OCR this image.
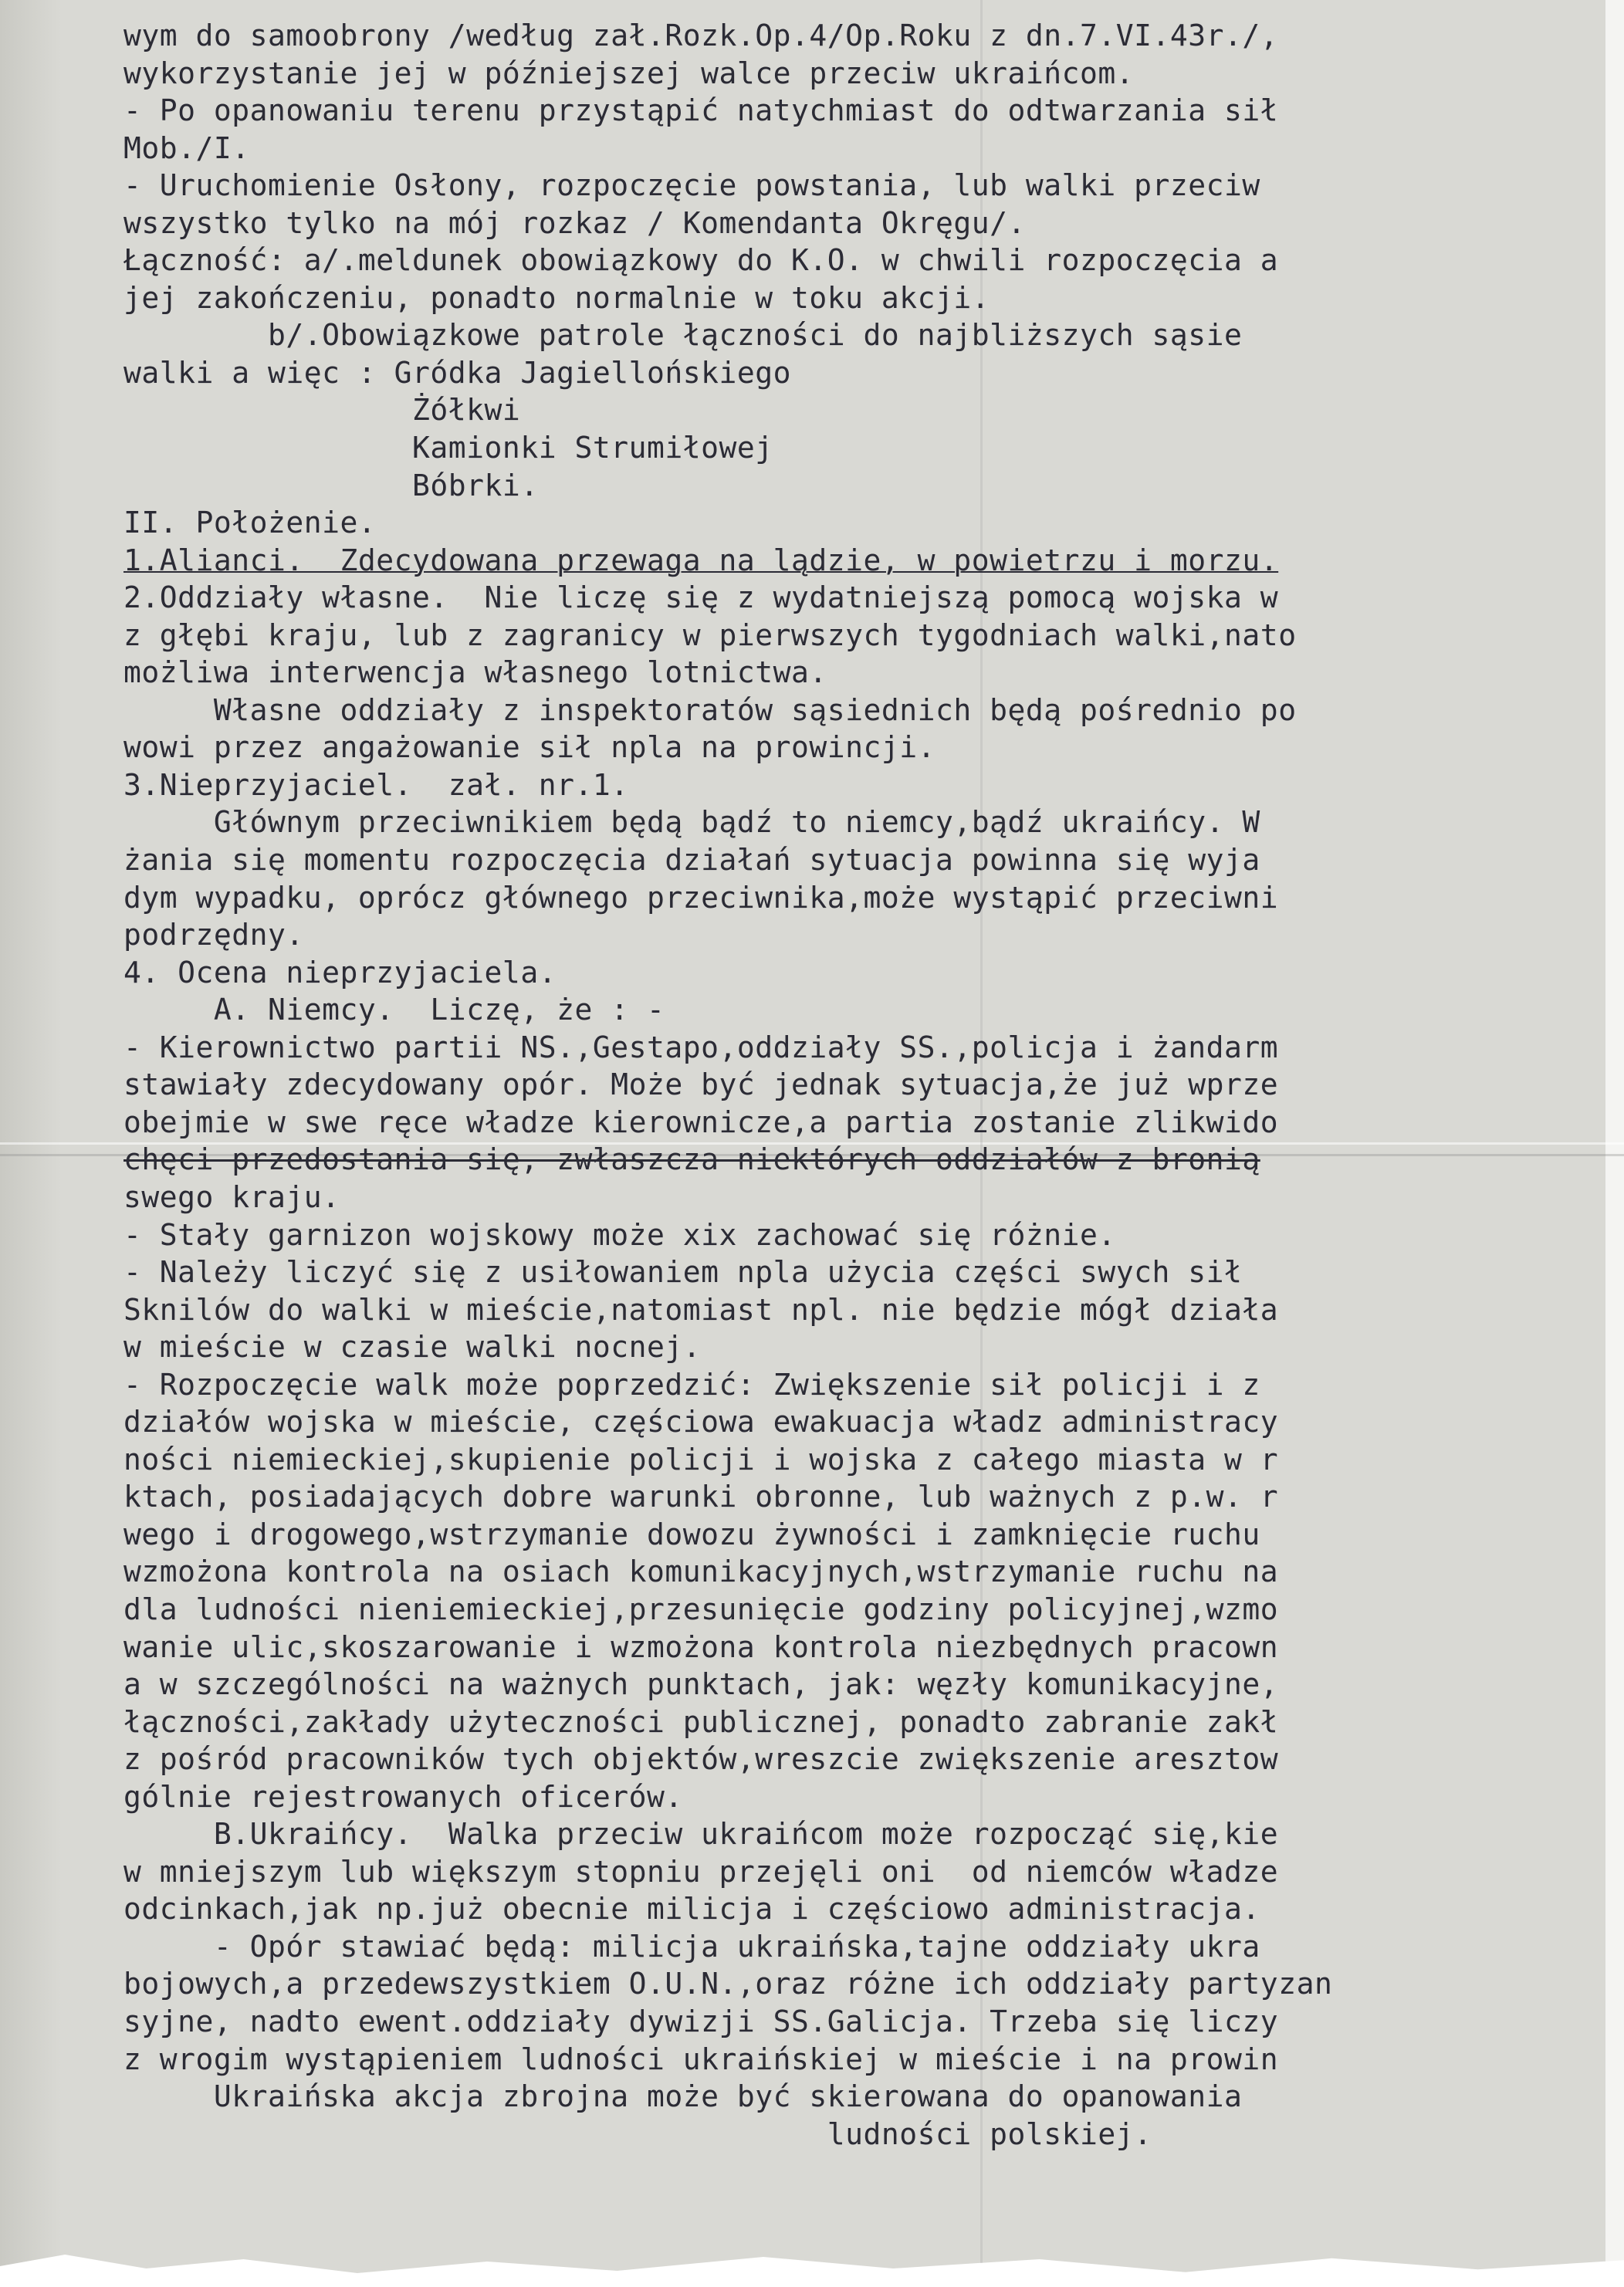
wym do samoobrony /według zał.Rozk.Op.4/Op.Roku z dn.7.VI.43r./,
wykorzystanie jej w późniejszej walce przeciw ukraińcom.
- Po opanowaniu terenu przystąpić natychmiast do odtwarzania sił
Mob./I.
- Uruchomienie Osłony, rozpoczęcie powstania, lub walki przeciw
wszystko tylko na mój rozkaz / Komendanta Okręgu/.
Łączność: a/.meldunek obowiązkowy do K.O. w chwili rozpoczęcia a
jej zakończeniu, ponadto normalnie w toku akcji.
b/.Obowiązkowe patrole łączności do najbliższych sąsie
walki a więc : Gródka Jagiellońskiego
Żółkwi
Kamionki Strumiłowej
Bóbrki.
II. Położenie.
1.Alianci.  Zdecydowana przewaga na lądzie, w powietrzu i morzu.
2.Oddziały własne.  Nie liczę się z wydatniejszą pomocą wojska w
z głębi kraju, lub z zagranicy w pierwszych tygodniach walki,nato
możliwa interwencja własnego lotnictwa.
Własne oddziały z inspektoratów sąsiednich będą pośrednio po
wowi przez angażowanie sił npla na prowincji.
3.Nieprzyjaciel.  zał. nr.1.
Głównym przeciwnikiem będą bądź to niemcy,bądź ukraińcy. W
żania się momentu rozpoczęcia działań sytuacja powinna się wyja
dym wypadku, oprócz głównego przeciwnika,może wystąpić przeciwni
podrzędny.
4. Ocena nieprzyjaciela.
A. Niemcy.  Liczę, że : -
- Kierownictwo partii NS.,Gestapo,oddziały SS.,policja i żandarm
stawiały zdecydowany opór. Może być jednak sytuacja,że już wprze
obejmie w swe ręce władze kierownicze,a partia zostanie zlikwido
chęci przedostania się, zwłaszcza niektórych oddziałów z bronią
swego kraju.
- Stały garnizon wojskowy może xix zachować się różnie.
- Należy liczyć się z usiłowaniem npla użycia części swych sił
Sknilów do walki w mieście,natomiast npl. nie będzie mógł działa
w mieście w czasie walki nocnej.
- Rozpoczęcie walk może poprzedzić: Zwiększenie sił policji i z
działów wojska w mieście, częściowa ewakuacja władz administracy
ności niemieckiej,skupienie policji i wojska z całego miasta w r
ktach, posiadających dobre warunki obronne, lub ważnych z p.w. r
wego i drogowego,wstrzymanie dowozu żywności i zamknięcie ruchu
wzmożona kontrola na osiach komunikacyjnych,wstrzymanie ruchu na
dla ludności nieniemieckiej,przesunięcie godziny policyjnej,wzmo
wanie ulic,skoszarowanie i wzmożona kontrola niezbędnych pracown
a w szczególności na ważnych punktach, jak: węzły komunikacyjne,
łączności,zakłady użyteczności publicznej, ponadto zabranie zakł
z pośród pracowników tych objektów,wreszcie zwiększenie aresztow
gólnie rejestrowanych oficerów.
B.Ukraińcy.  Walka przeciw ukraińcom może rozpocząć się,kie
w mniejszym lub większym stopniu przejęli oni  od niemców władze
odcinkach,jak np.już obecnie milicja i częściowo administracja.
- Opór stawiać będą: milicja ukraińska,tajne oddziały ukra
bojowych,a przedewszystkiem O.U.N.,oraz różne ich oddziały partyzan
syjne, nadto ewent.oddziały dywizji SS.Galicja. Trzeba się liczy
z wrogim wystąpieniem ludności ukraińskiej w mieście i na prowin
Ukraińska akcja zbrojna może być skierowana do opanowania
ludności polskiej.
